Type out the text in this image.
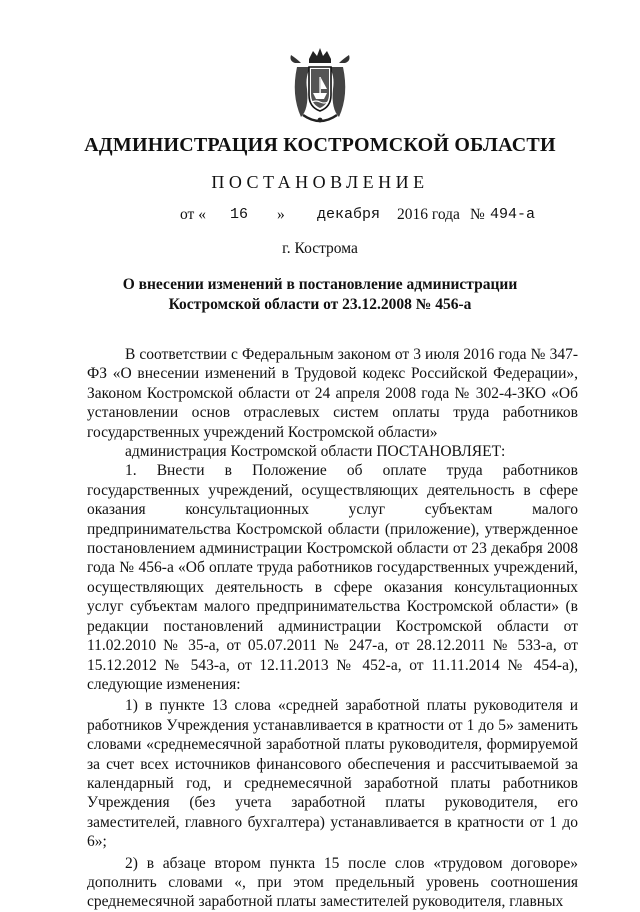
АДМИНИСТРАЦИЯ КОСТРОМСКОЙ ОБЛАСТИ
ПОСТАНОВЛЕНИЕ
от « 16 » декабря 2016 года № 494-а
г. Кострома
О внесении изменений в постановление администрации
Костромской области от 23.12.2008 № 456-а

В соответствии с Федеральным законом от 3 июля 2016 года № 347-ФЗ «О внесении изменений в Трудовой кодекс Российской Федерации», Законом Костромской области от 24 апреля 2008 года № 302-4-ЗКО «Об установлении основ отраслевых систем оплаты труда работников государственных учреждений Костромской области»

администрация Костромской области ПОСТАНОВЛЯЕТ:

1. Внести в Положение об оплате труда работников государственных учреждений, осуществляющих деятельность в сфере оказания консультационных услуг субъектам малого предпринимательства Костромской области (приложение), утвержденное постановлением администрации Костромской области от 23 декабря 2008 года № 456-а «Об оплате труда работников государственных учреждений, осуществляющих деятельность в сфере оказания консультационных услуг субъектам малого предпринимательства Костромской области» (в редакции постановлений администрации Костромской области от 11.02.2010 № 35-а, от 05.07.2011 № 247-а, от 28.12.2011 № 533-а, от 15.12.2012 № 543-а, от 12.11.2013 № 452-а, от 11.11.2014 № 454-а), следующие изменения:

1) в пункте 13 слова «средней заработной платы руководителя и работников Учреждения устанавливается в кратности от 1 до 5» заменить словами «среднемесячной заработной платы руководителя, формируемой за счет всех источников финансового обеспечения и рассчитываемой за календарный год, и среднемесячной заработной платы работников Учреждения (без учета заработной платы руководителя, его заместителей, главного бухгалтера) устанавливается в кратности от 1 до 6»;

2) в абзаце втором пункта 15 после слов «трудовом договоре» дополнить словами «, при этом предельный уровень соотношения среднемесячной заработной платы заместителей руководителя, главных
